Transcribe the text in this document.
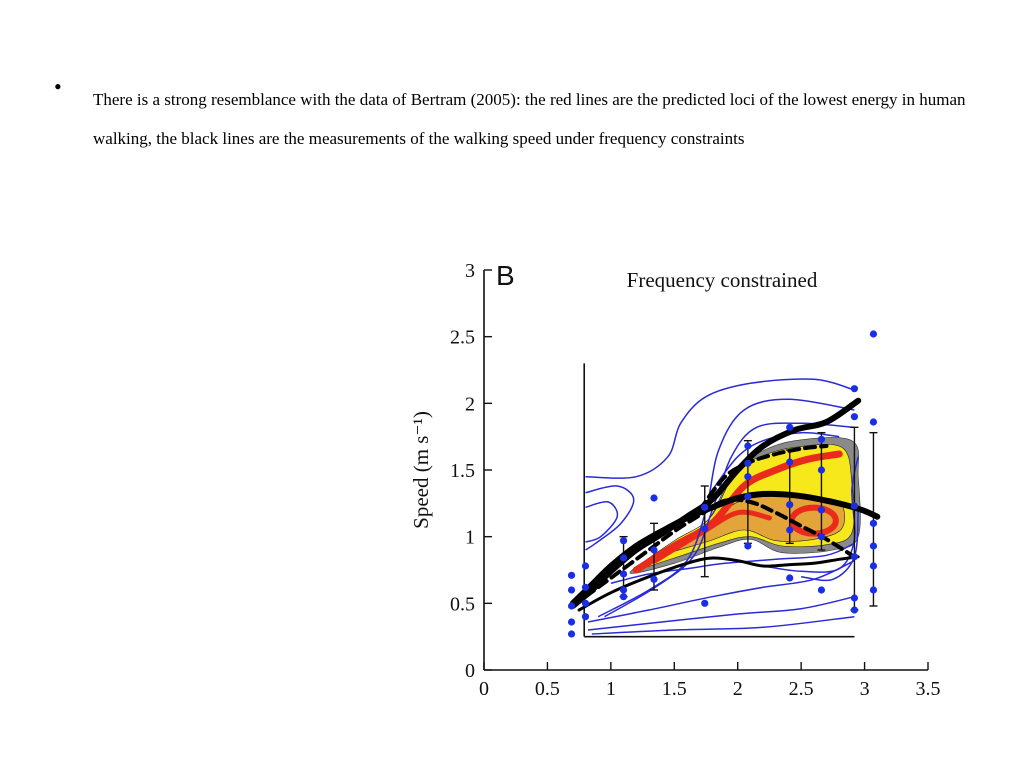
•
There is a strong resemblance with the data of Bertram (2005): the red lines are the predicted loci of the lowest energy in human walking, the black lines are the measurements of the walking speed under frequency constraints
0 0.5 1 1.5 2 2.5 3 3.5
0
0.5
1
1.5
2
2.5
3 B	Frequency constrained
Speed (m s⁻¹)
